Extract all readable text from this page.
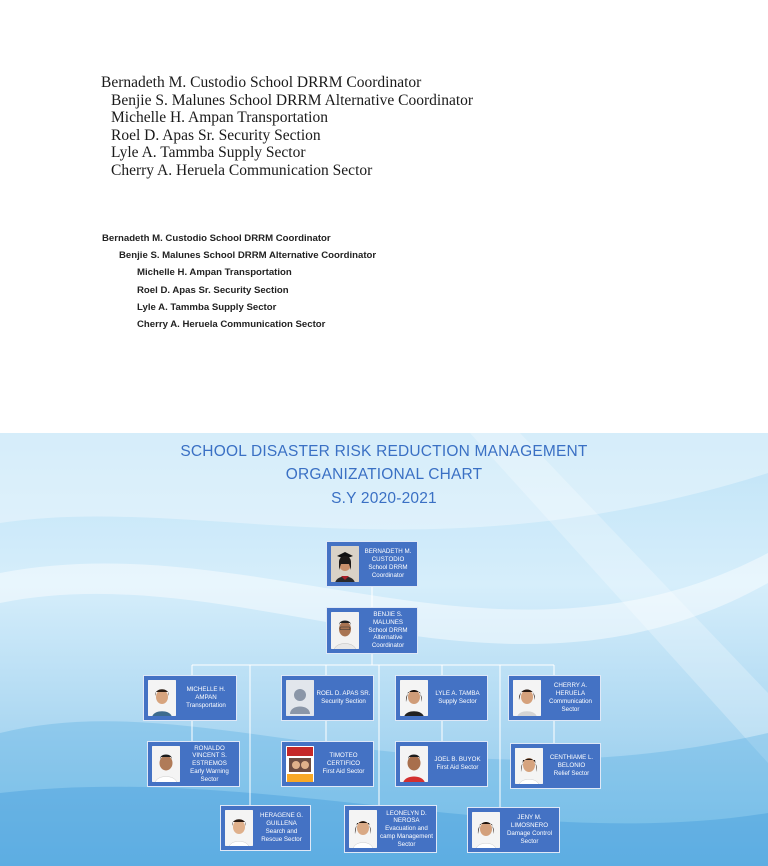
Bernadeth M. Custodio School DRRM Coordinator
Benjie S. Malunes School DRRM Alternative Coordinator
Michelle H. Ampan Transportation
Roel D. Apas Sr. Security Section
Lyle A. Tammba Supply Sector
Cherry A. Heruela Communication Sector
Bernadeth M. Custodio School DRRM Coordinator
Benjie S. Malunes School DRRM Alternative Coordinator
Michelle H. Ampan Transportation
Roel D. Apas Sr. Security Section
Lyle A. Tammba Supply Sector
Cherry A. Heruela Communication Sector
SCHOOL DISASTER RISK REDUCTION MANAGEMENT
ORGANIZATIONAL CHART
S.Y 2020-2021
BERNADETH M. CUSTODIO
School DRRM Coordinator
BENJIE S. MALUNES
School DRRM Alternative Coordinator
MICHELLE H. AMPAN
Transportation
ROEL D. APAS SR.
Security Section
LYLE A. TAMBA
Supply Sector
CHERRY A. HERUELA
Communication Sector
RONALDO VINCENT S. ESTREMOS
Early Warning Sector
TIMOTEO CERTIFICO
First Aid Sector
JOEL B. BUYOK
First Aid Sector
CENTHIAME L. BELONIO
Relief Sector
HERAGENE G. GUILLENA
Search and Rescue Sector
LEONELYN D. NEROSA
Evacuation and camp Management Sector
JENY M. LIMOSNERO
Damage Control Sector
